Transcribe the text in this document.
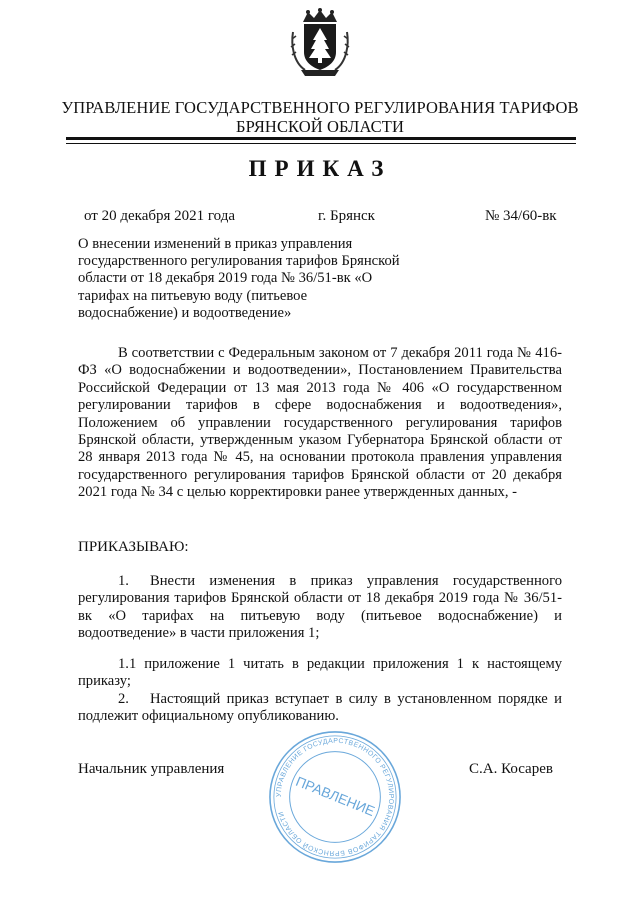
УПРАВЛЕНИЕ ГОСУДАРСТВЕННОГО РЕГУЛИРОВАНИЯ ТАРИФОВ
БРЯНСКОЙ ОБЛАСТИ
ПРИКАЗ
от 20 декабря 2021 года	г. Брянск	№ 34/60-вк
О внесении изменений в приказ управления государственного регулирования тарифов Брянской области от 18 декабря 2019 года № 36/51-вк «О тарифах на питьевую воду (питьевое водоснабжение) и водоотведение»
В соответствии с Федеральным законом от 7 декабря 2011 года № 416-ФЗ «О водоснабжении и водоотведении», Постановлением Правительства Российской Федерации от 13 мая 2013 года № 406 «О государственном регулировании тарифов в сфере водоснабжения и водоотведения», Положением об управлении государственного регулирования тарифов Брянской области, утвержденным указом Губернатора Брянской области от 28 января 2013 года № 45, на основании протокола правления управления государственного регулирования тарифов Брянской области от 20 декабря 2021 года № 34 с целью корректировки ранее утвержденных данных, -
ПРИКАЗЫВАЮ:
1. Внести изменения в приказ управления государственного регулирования тарифов Брянской области от 18 декабря 2019 года № 36/51-вк «О тарифах на питьевую воду (питьевое водоснабжение) и водоотведение» в части приложения 1;
1.1 приложение 1 читать в редакции приложения 1 к настоящему приказу;
2. Настоящий приказ вступает в силу в установленном порядке и подлежит официальному опубликованию.
Начальник управления	С.А. Косарев
УПРАВЛЕНИЕ ГОСУДАРСТВЕННОГО РЕГУЛИРОВАНИЯ ТАРИФОВ БРЯНСКОЙ ОБЛАСТИ ПРАВЛЕНИЕ
